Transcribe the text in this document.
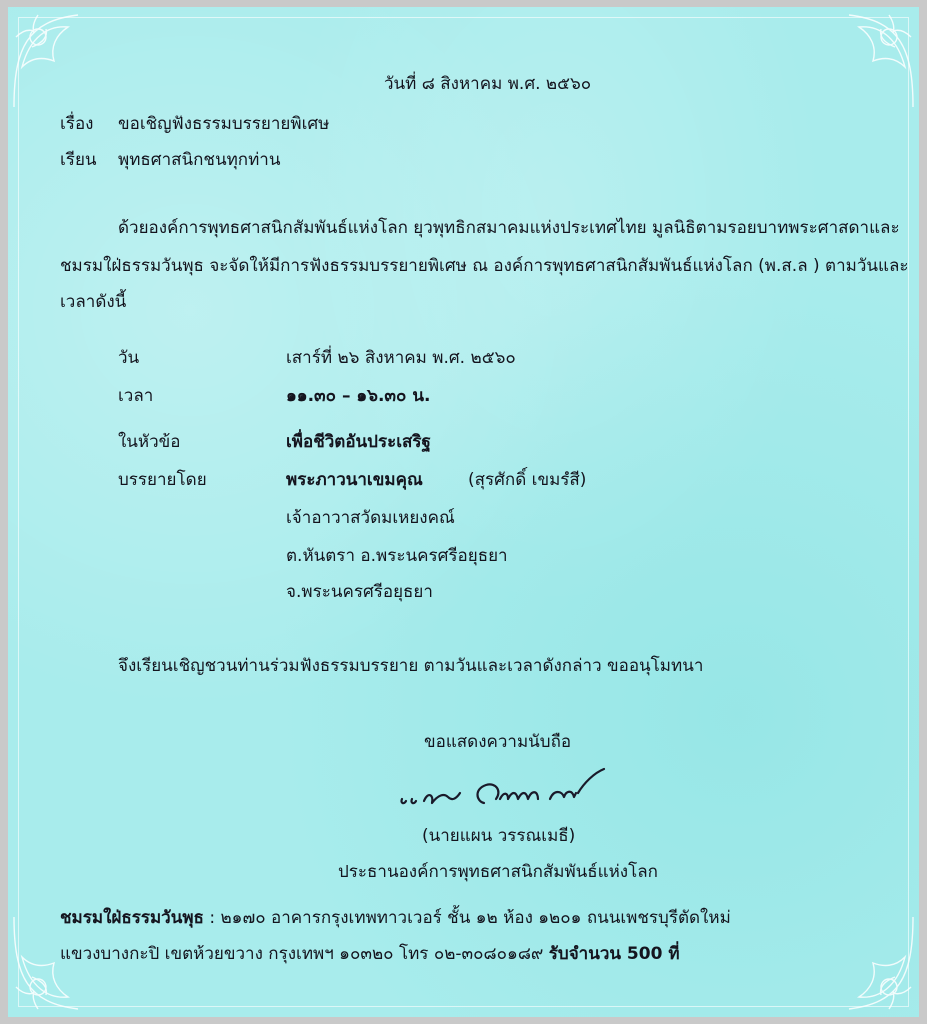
วันที่ ๘ สิงหาคม พ.ศ. ๒๕๖๐
เรื่อง ขอเชิญฟังธรรมบรรยายพิเศษ
เรียน พุทธศาสนิกชนทุกท่าน
ด้วยองค์การพุทธศาสนิกสัมพันธ์แห่งโลก ยุวพุทธิกสมาคมแห่งประเทศไทย มูลนิธิตามรอยบาทพระศาสดาและ
ชมรมใฝ่ธรรมวันพุธ จะจัดให้มีการฟังธรรมบรรยายพิเศษ ณ องค์การพุทธศาสนิกสัมพันธ์แห่งโลก (พ.ส.ล ) ตามวันและ
เวลาดังนี้
วัน	เสาร์ที่ ๒๖ สิงหาคม พ.ศ. ๒๕๖๐
เวลา	๑๑.๓๐ – ๑๖.๓๐ น.
ในหัวข้อ	เพื่อชีวิตอันประเสริฐ
บรรยายโดย	พระภาวนาเขมคุณ	(สุรศักดิ์ เขมรํสี)
เจ้าอาวาสวัดมเหยงคณ์
ต.หันตรา อ.พระนครศรีอยุธยา
จ.พระนครศรีอยุธยา
จึงเรียนเชิญชวนท่านร่วมฟังธรรมบรรยาย ตามวันและเวลาดังกล่าว ขออนุโมทนา
ขอแสดงความนับถือ
(นายแผน วรรณเมธี)
ประธานองค์การพุทธศาสนิกสัมพันธ์แห่งโลก
ชมรมใฝ่ธรรมวันพุธ : ๒๑๗๐ อาคารกรุงเทพทาวเวอร์ ชั้น ๑๒ ห้อง ๑๒๐๑ ถนนเพชรบุรีตัดใหม่
แขวงบางกะปิ เขตห้วยขวาง กรุงเทพฯ ๑๐๓๒๐ โทร ๐๒-๓๐๘๐๑๘๙ รับจำนวน 500 ที่
